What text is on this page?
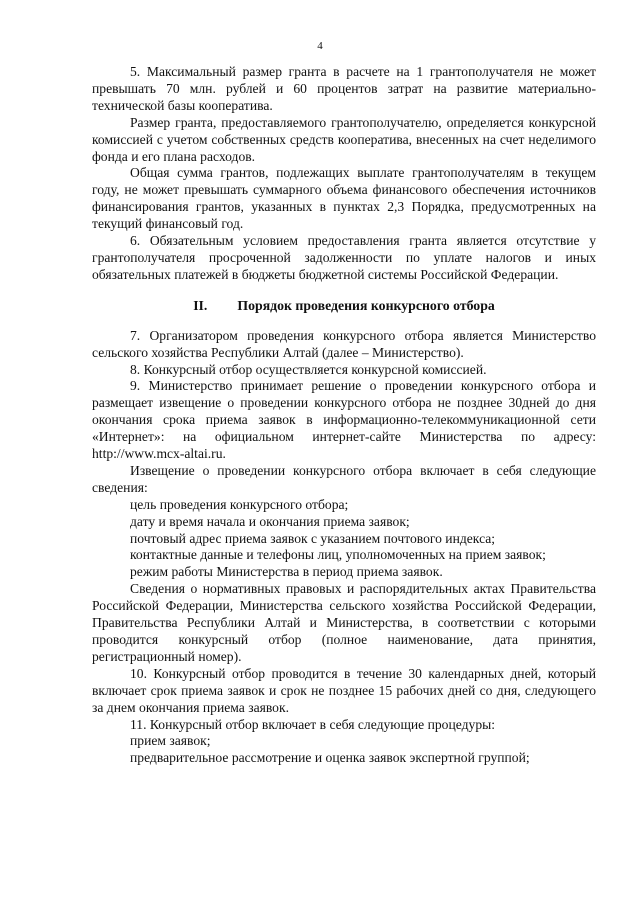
4

5. Максимальный размер гранта в расчете на 1 грантополучателя не может превышать 70 млн. рублей и 60 процентов затрат на развитие материально-технической базы кооператива.

Размер гранта, предоставляемого грантополучателю, определяется конкурсной комиссией с учетом собственных средств кооператива, внесенных на счет неделимого фонда и его плана расходов.

Общая сумма грантов, подлежащих выплате грантополучателям в текущем году, не может превышать суммарного объема финансового обеспечения источников финансирования грантов, указанных в пунктах 2,3 Порядка, предусмотренных на текущий финансовый год.

6. Обязательным условием предоставления гранта является отсутствие у грантополучателя просроченной задолженности по уплате налогов и иных обязательных платежей в бюджеты бюджетной системы Российской Федерации.

II. Порядок проведения конкурсного отбора

7. Организатором проведения конкурсного отбора является Министерство сельского хозяйства Республики Алтай (далее – Министерство).

8. Конкурсный отбор осуществляется конкурсной комиссией.

9. Министерство принимает решение о проведении конкурсного отбора и размещает извещение о проведении конкурсного отбора не позднее 30дней до дня окончания срока приема заявок в информационно-телекоммуникационной сети «Интернет»: на официальном интернет-сайте Министерства по адресу: http://www.mcx-altai.ru.

Извещение о проведении конкурсного отбора включает в себя следующие сведения:

цель проведения конкурсного отбора;

дату и время начала и окончания приема заявок;

почтовый адрес приема заявок с указанием почтового индекса;

контактные данные и телефоны лиц, уполномоченных на прием заявок;

режим работы Министерства в период приема заявок.

Сведения о нормативных правовых и распорядительных актах Правительства Российской Федерации, Министерства сельского хозяйства Российской Федерации, Правительства Республики Алтай и Министерства, в соответствии с которыми проводится конкурсный отбор (полное наименование, дата принятия, регистрационный номер).

10. Конкурсный отбор проводится в течение 30 календарных дней, который включает срок приема заявок и срок не позднее 15 рабочих дней со дня, следующего за днем окончания приема заявок.

11. Конкурсный отбор включает в себя следующие процедуры:

прием заявок;

предварительное рассмотрение и оценка заявок экспертной группой;
